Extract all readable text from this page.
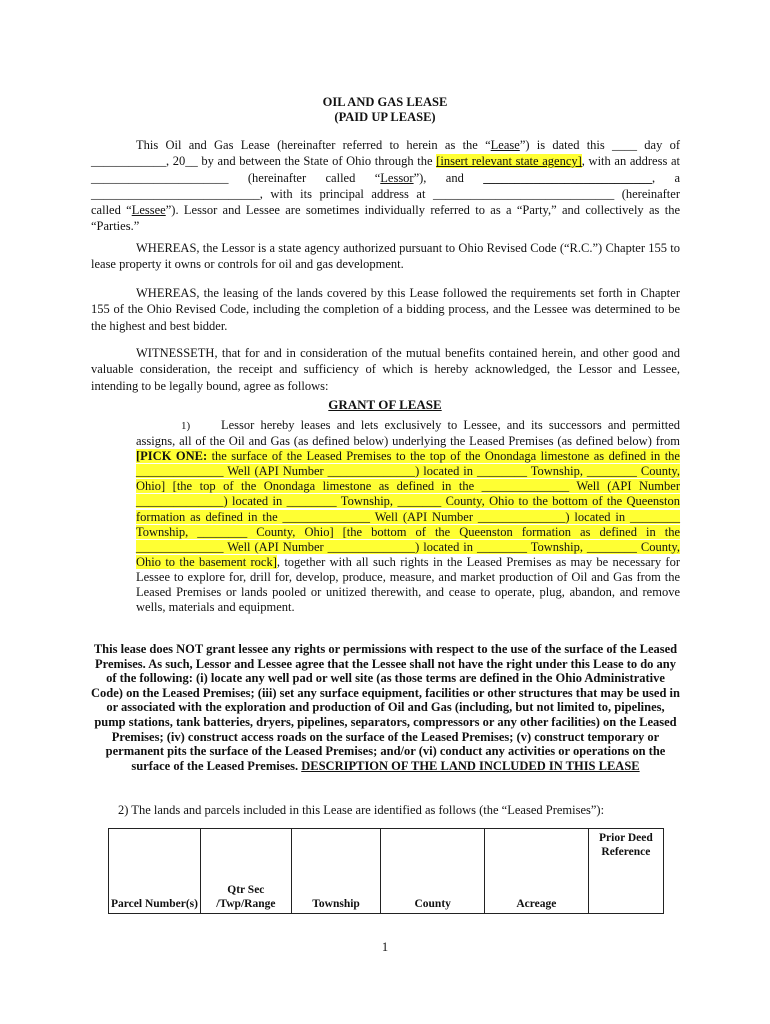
OIL AND GAS LEASE
(PAID UP LEASE)
This Oil and Gas Lease (hereinafter referred to herein as the “Lease”) is dated this ____ day of ____________, 20__ by and between the State of Ohio through the [insert relevant state agency], with an address at ______________________ (hereinafter called “Lessor”), and ___________________________, a ___________________________, with its principal address at _____________________________ (hereinafter called “Lessee”). Lessor and Lessee are sometimes individually referred to as a “Party,” and collectively as the “Parties.”
WHEREAS, the Lessor is a state agency authorized pursuant to Ohio Revised Code (“R.C.”) Chapter 155 to lease property it owns or controls for oil and gas development.
WHEREAS, the leasing of the lands covered by this Lease followed the requirements set forth in Chapter 155 of the Ohio Revised Code, including the completion of a bidding process, and the Lessee was determined to be the highest and best bidder.
WITNESSETH, that for and in consideration of the mutual benefits contained herein, and other good and valuable consideration, the receipt and sufficiency of which is hereby acknowledged, the Lessor and Lessee, intending to be legally bound, agree as follows:
GRANT OF LEASE
1) Lessor hereby leases and lets exclusively to Lessee, and its successors and permitted assigns, all of the Oil and Gas (as defined below) underlying the Leased Premises (as defined below) from [PICK ONE: the surface of the Leased Premises to the top of the Onondaga limestone as defined in the ______________ Well (API Number ______________) located in ________ Township, ________ County, Ohio] [the top of the Onondaga limestone as defined in the ______________ Well (API Number ______________) located in ________ Township, _______ County, Ohio to the bottom of the Queenston formation as defined in the ______________ Well (API Number ______________) located in ________ Township, ________ County, Ohio] [the bottom of the Queenston formation as defined in the ______________ Well (API Number ______________) located in ________ Township, ________ County, Ohio to the basement rock], together with all such rights in the Leased Premises as may be necessary for Lessee to explore for, drill for, develop, produce, measure, and market production of Oil and Gas from the Leased Premises or lands pooled or unitized therewith, and cease to operate, plug, abandon, and remove wells, materials and equipment.
This lease does NOT grant lessee any rights or permissions with respect to the use of the surface of the Leased Premises. As such, Lessor and Lessee agree that the Lessee shall not have the right under this Lease to do any of the following: (i) locate any well pad or well site (as those terms are defined in the Ohio Administrative Code) on the Leased Premises; (iii) set any surface equipment, facilities or other structures that may be used in or associated with the exploration and production of Oil and Gas (including, but not limited to, pipelines, pump stations, tank batteries, dryers, pipelines, separators, compressors or any other facilities) on the Leased Premises; (iv) construct access roads on the surface of the Leased Premises; (v) construct temporary or permanent pits the surface of the Leased Premises; and/or (vi) conduct any activities or operations on the surface of the Leased Premises. DESCRIPTION OF THE LAND INCLUDED IN THIS LEASE
2) The lands and parcels included in this Lease are identified as follows (the “Leased Premises”):
Parcel Number(s)	Qtr Sec /Twp/Range	Township	County	Acreage	Prior Deed Reference
1
